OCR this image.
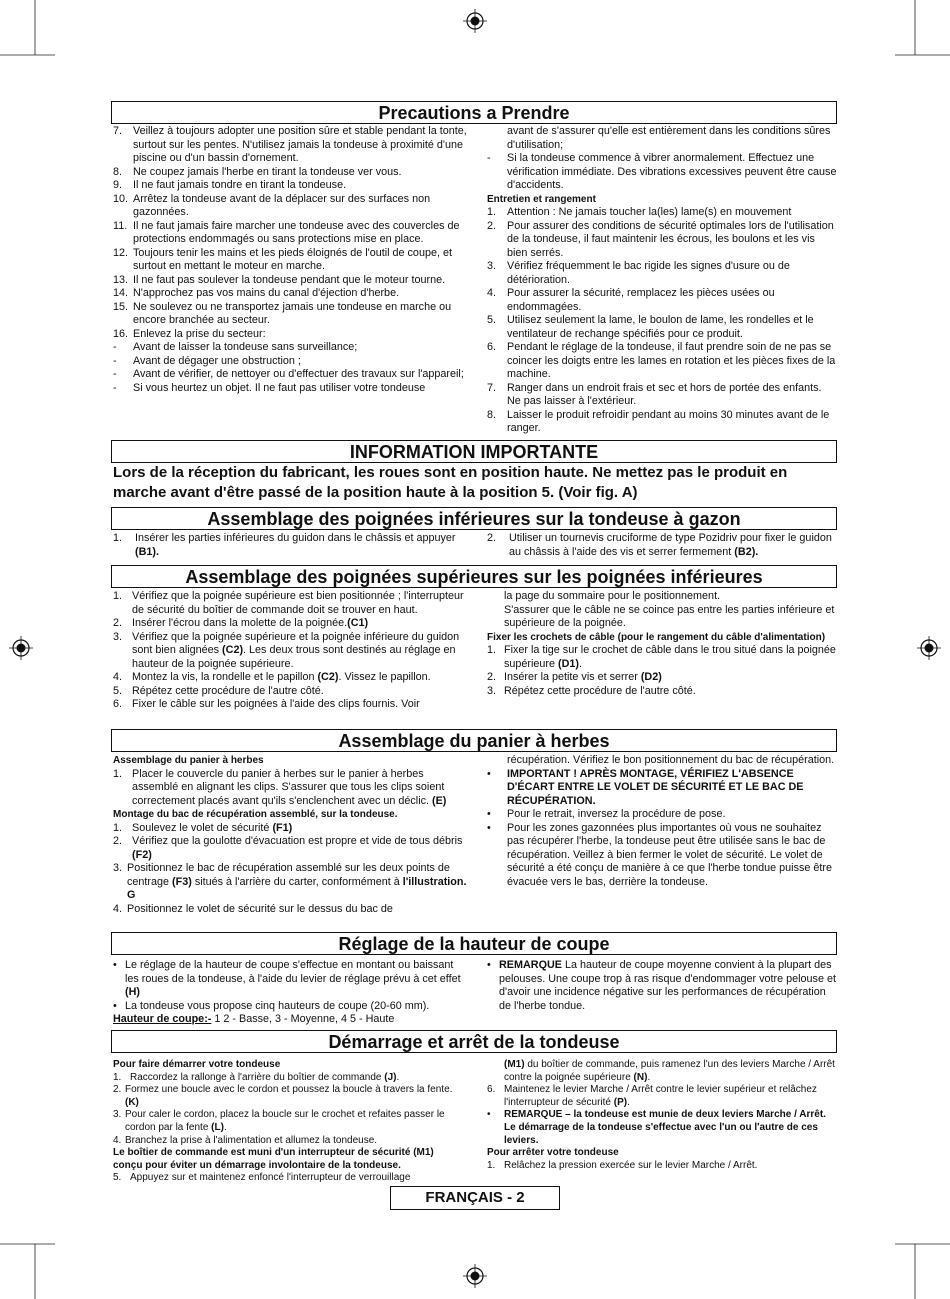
Precautions a Prendre
7.	Veillez à toujours adopter une position sûre et stable pendant la tonte, surtout sur les pentes. N'utilisez jamais la tondeuse à proximité d'une piscine ou d'un bassin d'ornement.
8.	Ne coupez jamais l'herbe en tirant la tondeuse ver vous.
9.	Il ne faut jamais tondre en tirant la tondeuse.
10. Arrêtez la tondeuse avant de la déplacer sur des surfaces non gazonnées.
11. Il ne faut jamais faire marcher une tondeuse avec des couvercles de protections endommagés ou sans protections mise en place.
12. Toujours tenir les mains et les pieds éloignés de l'outil de coupe, et surtout en mettant le moteur en marche.
13. Il ne faut pas soulever la tondeuse pendant que le moteur tourne.
14. N'approchez pas vos mains du canal d'éjection d'herbe.
15. Ne soulevez ou ne transportez jamais une tondeuse en marche ou encore branchée au secteur.
16. Enlevez la prise du secteur:
-	Avant de laisser la tondeuse sans surveillance;
-	Avant de dégager une obstruction ;
-	Avant de vérifier, de nettoyer ou d'effectuer des travaux sur l'appareil;
-	Si vous heurtez un objet. Il ne faut pas utiliser votre tondeuse
avant de s'assurer qu'elle est entièrement dans les conditions sûres d'utilisation;
-	Si la tondeuse commence à vibrer anormalement. Effectuez une vérification immédiate. Des vibrations excessives peuvent être cause d'accidents.

Entretien et rangement

1.	Attention : Ne jamais toucher la(les) lame(s) en mouvement
2.	Pour assurer des conditions de sécurité optimales lors de l'utilisation de la tondeuse, il faut maintenir les écrous, les boulons et les vis bien serrés.
3.	Vérifiez fréquemment le bac rigide les signes d'usure ou de détérioration.
4.	Pour assurer la sécurité, remplacez les pièces usées ou endommagées.
5.	Utilisez seulement la lame, le boulon de lame, les rondelles et le ventilateur de rechange spécifiés pour ce produit.
6.	Pendant le réglage de la tondeuse, il faut prendre soin de ne pas se coincer les doigts entre les lames en rotation et les pièces fixes de la machine.
7.	Ranger dans un endroit frais et sec et hors de portée des enfants. Ne pas laisser à l'extérieur.
8.	Laisser le produit refroidir pendant au moins 30 minutes avant de le ranger.
INFORMATION IMPORTANTE
Lors de la réception du fabricant, les roues sont en position haute. Ne mettez pas le produit en marche avant d'être passé de la position haute à la position 5. (Voir fig. A)
Assemblage des poignées inférieures sur la tondeuse à gazon
1.	Insérer les parties inférieures du guidon dans le châssis et appuyer (B1).
2.	Utiliser un tournevis cruciforme de type Pozidriv pour fixer le guidon au châssis à l'aide des vis et serrer fermement (B2).
Assemblage des poignées supérieures sur les poignées inférieures
1. Vérifiez que la poignée supérieure est bien positionnée ; l'interrupteur de sécurité du boîtier de commande doit se trouver en haut.
2. Insérer l'écrou dans la molette de la poignée.(C1)
3. Vérifiez que la poignée supérieure et la poignée inférieure du guidon sont bien alignées (C2). Les deux trous sont destinés au réglage en hauteur de la poignée supérieure.
4. Montez la vis, la rondelle et le papillon (C2). Vissez le papillon.
5. Répétez cette procédure de l'autre côté.
6. Fixer le câble sur les poignées à l'aide des clips fournis. Voir
la page du sommaire pour le positionnement.
S'assurer que le câble ne se coince pas entre les parties inférieure et supérieure de la poignée.

Fixer les crochets de câble (pour le rangement du câble d'alimentation)

1. Fixer la tige sur le crochet de câble dans le trou situé dans la poignée supérieure (D1).
2. Insérer la petite vis et serrer (D2)
3. Répétez cette procédure de l'autre côté.
Assemblage du panier à herbes

Assemblage du panier à herbes

1. Placer le couvercle du panier à herbes sur le panier à herbes assemblé en alignant les clips. S'assurer que tous les clips soient correctement placés avant qu'ils s'enclenchent avec un déclic. (E)

Montage du bac de récupération assemblé, sur la tondeuse.

1. Soulevez le volet de sécurité (F1)
2. Vérifiez que la goulotte d'évacuation est propre et vide de tous débris (F2)
3. Positionnez le bac de récupération assemblé sur les deux points de centrage (F3) situés à l'arrière du carter, conformément à l'illustration. G
4. Positionnez le volet de sécurité sur le dessus du bac de
récupération. Vérifiez le bon positionnement du bac de récupération.
•	IMPORTANT ! APRÈS MONTAGE, VÉRIFIEZ L'ABSENCE D'ÉCART ENTRE LE VOLET DE SÉCURITÉ ET LE BAC DE RÉCUPÉRATION.
•	Pour le retrait, inversez la procédure de pose.
•	Pour les zones gazonnées plus importantes où vous ne souhaitez pas récupérer l'herbe, la tondeuse peut être utilisée sans le bac de récupération. Veillez à bien fermer le volet de sécurité. Le volet de sécurité a été conçu de manière à ce que l'herbe tondue puisse être évacuée vers le bas, derrière la tondeuse.
Réglage de la hauteur de coupe
• Le réglage de la hauteur de coupe s'effectue en montant ou baissant les roues de la tondeuse, à l'aide du levier de réglage prévu à cet effet (H)
• La tondeuse vous propose cinq hauteurs de coupe (20-60 mm).

Hauteur de coupe:- 1 2 - Basse, 3 - Moyenne, 4 5 - Haute

• REMARQUE La hauteur de coupe moyenne convient à la plupart des pelouses. Une coupe trop à ras risque d'endommager votre pelouse et d'avoir une incidence négative sur les performances de récupération de l'herbe tondue.
Démarrage et arrêt de la tondeuse

Pour faire démarrer votre tondeuse

1. Raccordez la rallonge à l'arrière du boîtier de commande (J).
2. Formez une boucle avec le cordon et poussez la boucle à travers la fente. (K)
3. Pour caler le cordon, placez la boucle sur le crochet et refaites passer le cordon par la fente (L).
4. Branchez la prise à l'alimentation et allumez la tondeuse.

Le boîtier de commande est muni d'un interrupteur de sécurité (M1) conçu pour éviter un démarrage involontaire de la tondeuse.

5. Appuyez sur et maintenez enfoncé l'interrupteur de verrouillage
(M1) du boîtier de commande, puis ramenez l'un des leviers Marche / Arrêt contre la poignée supérieure (N).
6. Maintenez le levier Marche / Arrêt contre le levier supérieur et relâchez l'interrupteur de sécurité (P).
•	REMARQUE – la tondeuse est munie de deux leviers Marche / Arrêt. Le démarrage de la tondeuse s'effectue avec l'un ou l'autre de ces leviers.

Pour arrêter votre tondeuse

1. Relâchez la pression exercée sur le levier Marche / Arrêt.
FRANÇAIS - 2
